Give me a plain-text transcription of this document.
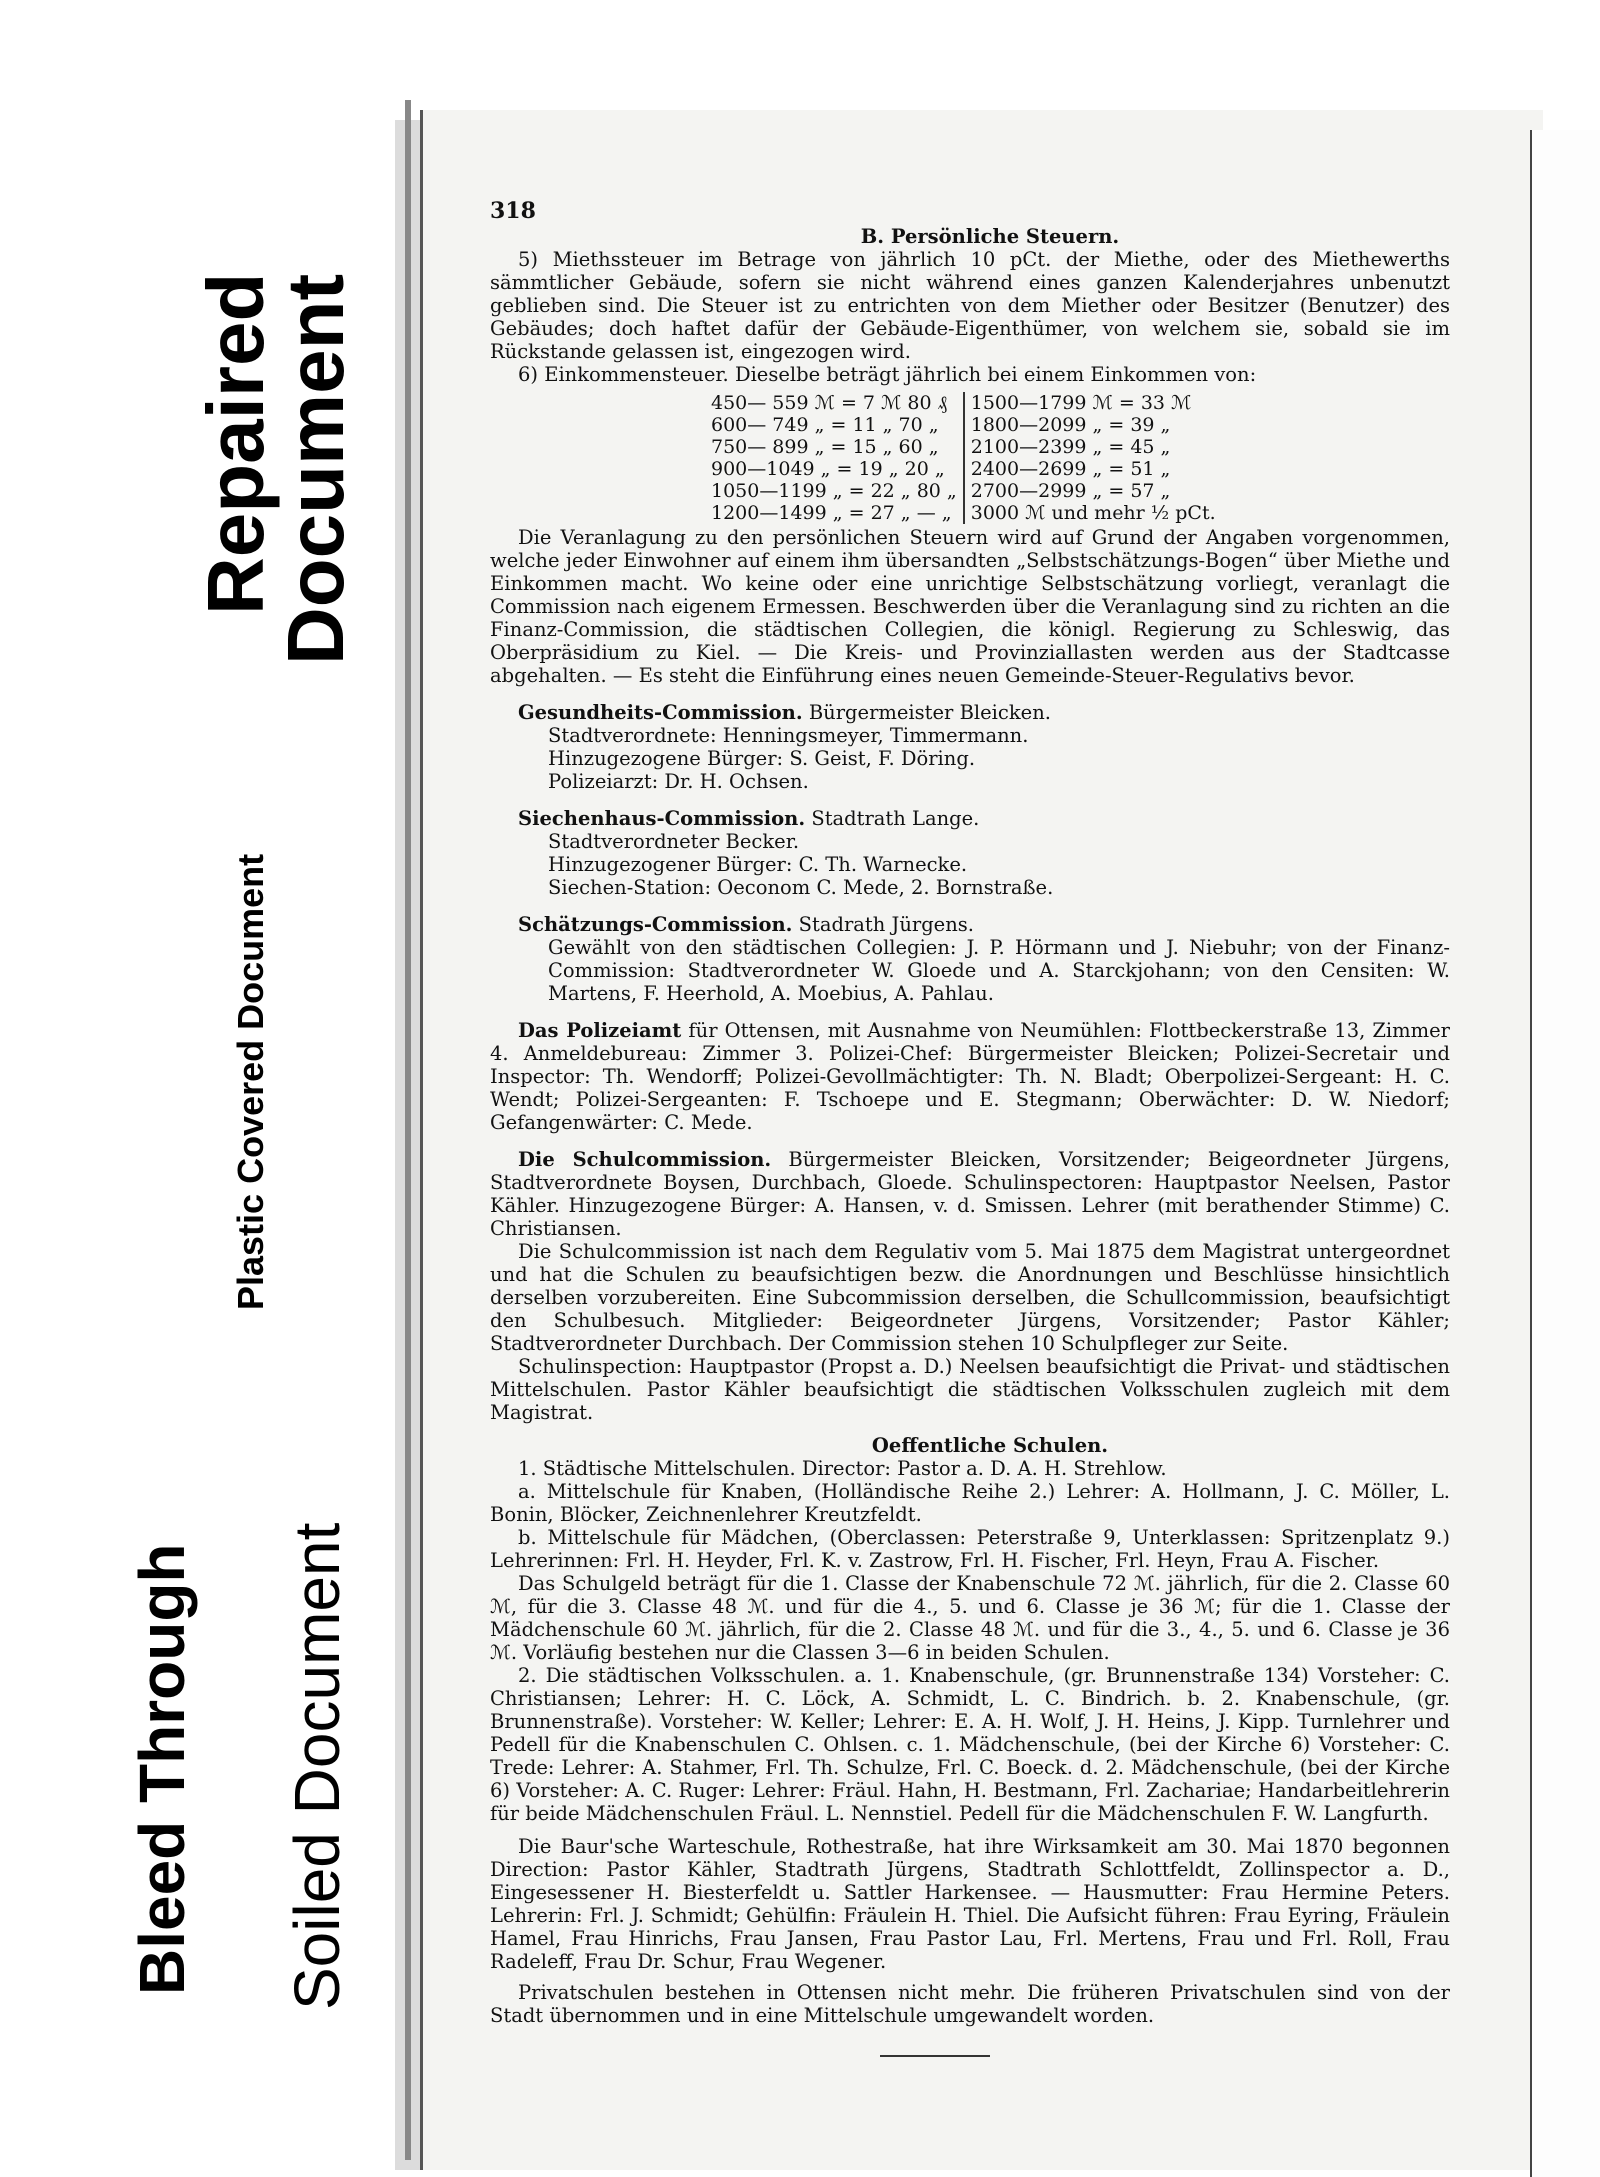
Repaired
Document
Plastic Covered Document
Bleed Through Soiled Document
318

B. Persönliche Steuern.

5) Miethssteuer im Betrage von jährlich 10 pCt. der Miethe, oder des Miethewerths sämmtlicher Gebäude, sofern sie nicht während eines ganzen Kalenderjahres unbenutzt geblieben sind. Die Steuer ist zu entrichten von dem Miether oder Besitzer (Benutzer) des Gebäudes; doch haftet dafür der Gebäude-Eigenthümer, von welchem sie, sobald sie im Rückstande gelassen ist, eingezogen wird.

6) Einkommensteuer. Dieselbe beträgt jährlich bei einem Einkommen von:

450— 559 ℳ = 7 ℳ 80 ₰	1500—1799 ℳ = 33 ℳ
600— 749 „ = 11 „ 70 „	1800—2099 „ = 39 „
750— 899 „ = 15 „ 60 „	2100—2399 „ = 45 „
900—1049 „ = 19 „ 20 „	2400—2699 „ = 51 „
1050—1199 „ = 22 „ 80 „	2700—2999 „ = 57 „
1200—1499 „ = 27 „ — „	3000 ℳ und mehr ½ pCt.

Die Veranlagung zu den persönlichen Steuern wird auf Grund der Angaben vorgenommen, welche jeder Einwohner auf einem ihm übersandten „Selbstschätzungs-Bogen“ über Miethe und Einkommen macht. Wo keine oder eine unrichtige Selbstschätzung vorliegt, veranlagt die Commission nach eigenem Ermessen. Beschwerden über die Veranlagung sind zu richten an die Finanz-Commission, die städtischen Collegien, die königl. Regierung zu Schleswig, das Oberpräsidium zu Kiel. — Die Kreis- und Provinziallasten werden aus der Stadtcasse abgehalten. — Es steht die Einführung eines neuen Gemeinde-Steuer-Regulativs bevor.

Gesundheits-Commission. Bürgermeister Bleicken.

Stadtverordnete: Henningsmeyer, Timmermann.

Hinzugezogene Bürger: S. Geist, F. Döring.

Polizeiarzt: Dr. H. Ochsen.

Siechenhaus-Commission. Stadtrath Lange.

Stadtverordneter Becker.

Hinzugezogener Bürger: C. Th. Warnecke.

Siechen-Station: Oeconom C. Mede, 2. Bornstraße.

Schätzungs-Commission. Stadrath Jürgens.

Gewählt von den städtischen Collegien: J. P. Hörmann und J. Niebuhr; von der Finanz-Commission: Stadtverordneter W. Gloede und A. Starckjohann; von den Censiten: W. Martens, F. Heerhold, A. Moebius, A. Pahlau.

Das Polizeiamt für Ottensen, mit Ausnahme von Neumühlen: Flottbeckerstraße 13, Zimmer 4. Anmeldebureau: Zimmer 3. Polizei-Chef: Bürgermeister Bleicken; Polizei-Secretair und Inspector: Th. Wendorff; Polizei-Gevollmächtigter: Th. N. Bladt; Oberpolizei-Sergeant: H. C. Wendt; Polizei-Sergeanten: F. Tschoepe und E. Stegmann; Oberwächter: D. W. Niedorf; Gefangenwärter: C. Mede.

Die Schulcommission. Bürgermeister Bleicken, Vorsitzender; Beigeordneter Jürgens, Stadtverordnete Boysen, Durchbach, Gloede. Schulinspectoren: Hauptpastor Neelsen, Pastor Kähler. Hinzugezogene Bürger: A. Hansen, v. d. Smissen. Lehrer (mit berathender Stimme) C. Christiansen.

Die Schulcommission ist nach dem Regulativ vom 5. Mai 1875 dem Magistrat untergeordnet und hat die Schulen zu beaufsichtigen bezw. die Anordnungen und Beschlüsse hinsichtlich derselben vorzubereiten. Eine Subcommission derselben, die Schullcommission, beaufsichtigt den Schulbesuch. Mitglieder: Beigeordneter Jürgens, Vorsitzender; Pastor Kähler; Stadtverordneter Durchbach. Der Commission stehen 10 Schulpfleger zur Seite.

Schulinspection: Hauptpastor (Propst a. D.) Neelsen beaufsichtigt die Privat- und städtischen Mittelschulen. Pastor Kähler beaufsichtigt die städtischen Volksschulen zugleich mit dem Magistrat.

Oeffentliche Schulen.

1. Städtische Mittelschulen. Director: Pastor a. D. A. H. Strehlow.

a. Mittelschule für Knaben, (Holländische Reihe 2.) Lehrer: A. Hollmann, J. C. Möller, L. Bonin, Blöcker, Zeichnenlehrer Kreutzfeldt.

b. Mittelschule für Mädchen, (Oberclassen: Peterstraße 9, Unterklassen: Spritzenplatz 9.) Lehrerinnen: Frl. H. Heyder, Frl. K. v. Zastrow, Frl. H. Fischer, Frl. Heyn, Frau A. Fischer.

Das Schulgeld beträgt für die 1. Classe der Knabenschule 72 ℳ. jährlich, für die 2. Classe 60 ℳ, für die 3. Classe 48 ℳ. und für die 4., 5. und 6. Classe je 36 ℳ; für die 1. Classe der Mädchenschule 60 ℳ. jährlich, für die 2. Classe 48 ℳ. und für die 3., 4., 5. und 6. Classe je 36 ℳ. Vorläufig bestehen nur die Classen 3—6 in beiden Schulen.

2. Die städtischen Volksschulen. a. 1. Knabenschule, (gr. Brunnenstraße 134) Vorsteher: C. Christiansen; Lehrer: H. C. Löck, A. Schmidt, L. C. Bindrich. b. 2. Knabenschule, (gr. Brunnenstraße). Vorsteher: W. Keller; Lehrer: E. A. H. Wolf, J. H. Heins, J. Kipp. Turnlehrer und Pedell für die Knabenschulen C. Ohlsen. c. 1. Mädchenschule, (bei der Kirche 6) Vorsteher: C. Trede: Lehrer: A. Stahmer, Frl. Th. Schulze, Frl. C. Boeck. d. 2. Mädchenschule, (bei der Kirche 6) Vorsteher: A. C. Ruger: Lehrer: Fräul. Hahn, H. Bestmann, Frl. Zachariae; Handarbeitlehrerin für beide Mädchenschulen Fräul. L. Nennstiel. Pedell für die Mädchenschulen F. W. Langfurth.

Die Baur'sche Warteschule, Rothestraße, hat ihre Wirksamkeit am 30. Mai 1870 begonnen Direction: Pastor Kähler, Stadtrath Jürgens, Stadtrath Schlottfeldt, Zollinspector a. D., Eingesessener H. Biesterfeldt u. Sattler Harkensee. — Hausmutter: Frau Hermine Peters. Lehrerin: Frl. J. Schmidt; Gehülfin: Fräulein H. Thiel. Die Aufsicht führen: Frau Eyring, Fräulein Hamel, Frau Hinrichs, Frau Jansen, Frau Pastor Lau, Frl. Mertens, Frau und Frl. Roll, Frau Radeleff, Frau Dr. Schur, Frau Wegener.

Privatschulen bestehen in Ottensen nicht mehr. Die früheren Privatschulen sind von der Stadt übernommen und in eine Mittelschule umgewandelt worden.
